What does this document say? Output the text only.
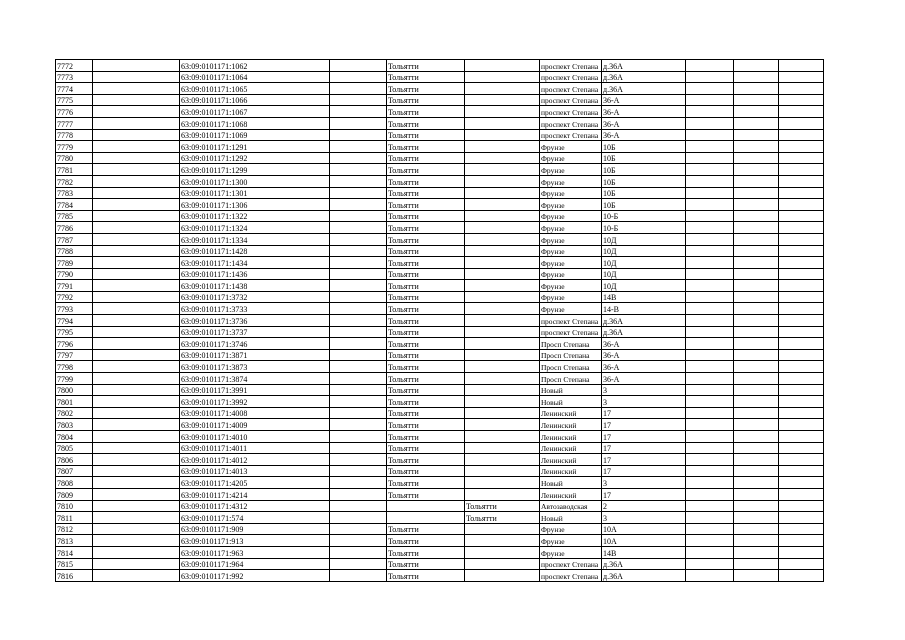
7772		63:09:0101171:1062		Тольятти		проспект Степана	д.36А			
7773		63:09:0101171:1064		Тольятти		проспект Степана	д.36А			
7774		63:09:0101171:1065		Тольятти		проспект Степана	д.36А			
7775		63:09:0101171:1066		Тольятти		проспект Степана	36-А			
7776		63:09:0101171:1067		Тольятти		проспект Степана	36-А			
7777		63:09:0101171:1068		Тольятти		проспект Степана	36-А			
7778		63:09:0101171:1069		Тольятти		проспект Степана	36-А			
7779		63:09:0101171:1291		Тольятти		Фрунзе	10Б			
7780		63:09:0101171:1292		Тольятти		Фрунзе	10Б			
7781		63:09:0101171:1299		Тольятти		Фрунзе	10Б			
7782		63:09:0101171:1300		Тольятти		Фрунзе	10Б			
7783		63:09:0101171:1301		Тольятти		Фрунзе	10Б			
7784		63:09:0101171:1306		Тольятти		Фрунзе	10Б			
7785		63:09:0101171:1322		Тольятти		Фрунзе	10-Б			
7786		63:09:0101171:1324		Тольятти		Фрунзе	10-Б			
7787		63:09:0101171:1334		Тольятти		Фрунзе	10Д			
7788		63:09:0101171:1428		Тольятти		Фрунзе	10Д			
7789		63:09:0101171:1434		Тольятти		Фрунзе	10Д			
7790		63:09:0101171:1436		Тольятти		Фрунзе	10Д			
7791		63:09:0101171:1438		Тольятти		Фрунзе	10Д			
7792		63:09:0101171:3732		Тольятти		Фрунзе	14В			
7793		63:09:0101171:3733		Тольятти		Фрунзе	14-В			
7794		63:09:0101171:3736		Тольятти		проспект Степана	д.36А			
7795		63:09:0101171:3737		Тольятти		проспект Степана	д.36А			
7796		63:09:0101171:3746		Тольятти		Просп Степана	36-А			
7797		63:09:0101171:3871		Тольятти		Просп Степана	36-А			
7798		63:09:0101171:3873		Тольятти		Просп Степана	36-А			
7799		63:09:0101171:3874		Тольятти		Просп Степана	36-А			
7800		63:09:0101171:3991		Тольятти		Новый	3			
7801		63:09:0101171:3992		Тольятти		Новый	3			
7802		63:09:0101171:4008		Тольятти		Ленинский	17			
7803		63:09:0101171:4009		Тольятти		Ленинский	17			
7804		63:09:0101171:4010		Тольятти		Ленинский	17			
7805		63:09:0101171:4011		Тольятти		Ленинский	17			
7806		63:09:0101171:4012		Тольятти		Ленинский	17			
7807		63:09:0101171:4013		Тольятти		Ленинский	17			
7808		63:09:0101171:4205		Тольятти		Новый	3			
7809		63:09:0101171:4214		Тольятти		Ленинский	17			
7810		63:09:0101171:4312			Тольятти	Автозаводская	2			
7811		63:09:0101171:574			Тольятти	Новый	3			
7812		63:09:0101171:909		Тольятти		Фрунзе	10А			
7813		63:09:0101171:913		Тольятти		Фрунзе	10А			
7814		63:09:0101171:963		Тольятти		Фрунзе	14В			
7815		63:09:0101171:964		Тольятти		проспект Степана	д.36А			
7816		63:09:0101171:992		Тольятти		проспект Степана	д.36А			
